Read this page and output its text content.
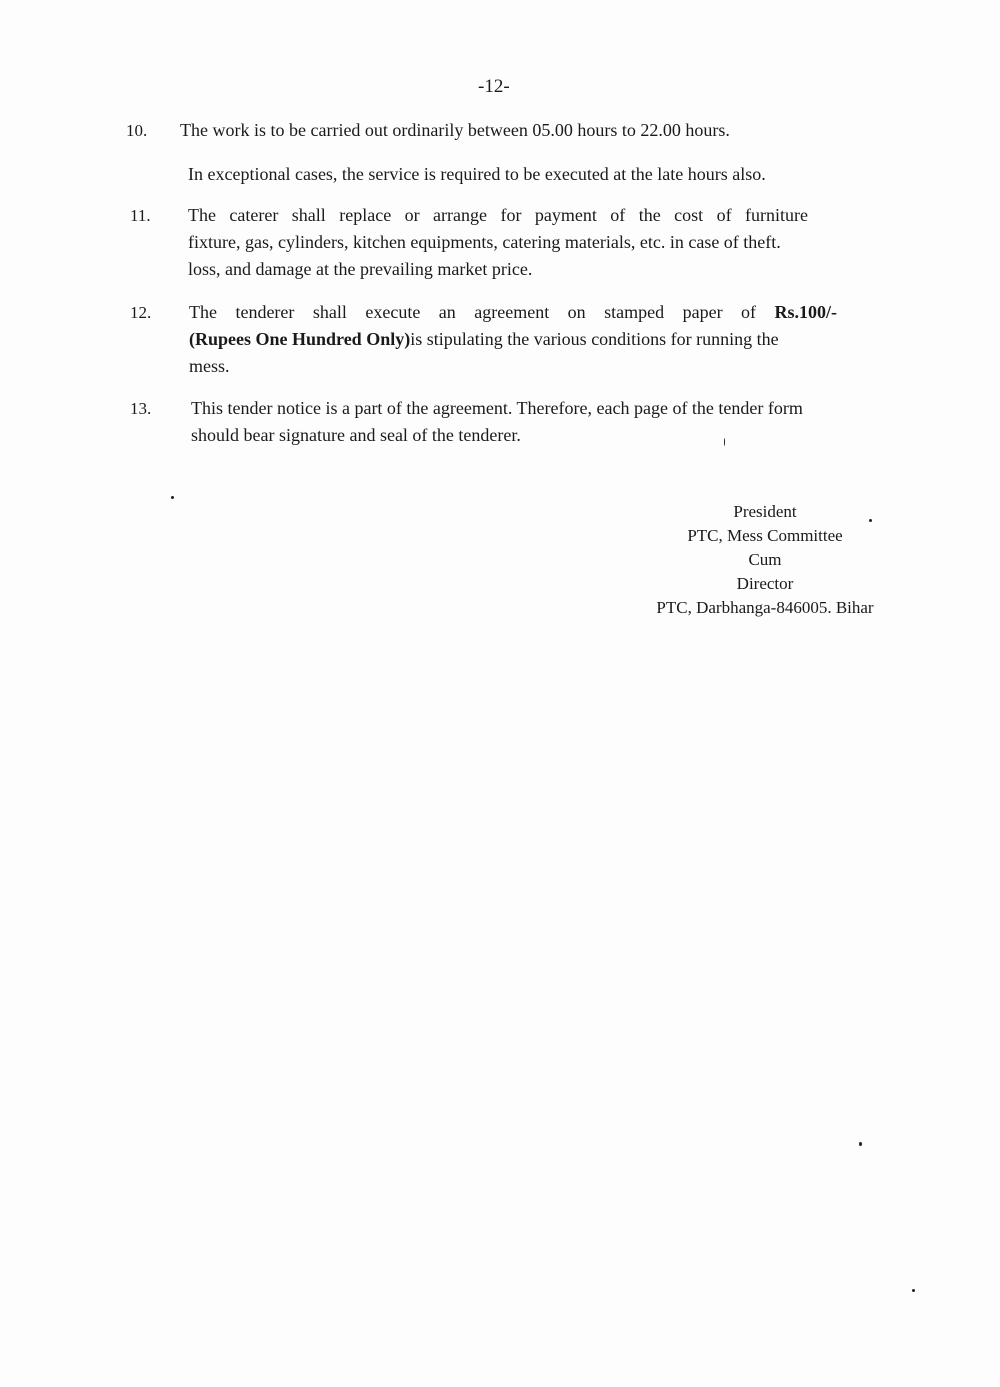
-12-
10. The work is to be carried out ordinarily between 05.00 hours to 22.00 hours.

In exceptional cases, the service is required to be executed at the late hours also.

11. The caterer shall replace or arrange for payment of the cost of furniture

fixture, gas, cylinders, kitchen equipments, catering materials, etc. in case of theft.

loss, and damage at the prevailing market price.

12. The tenderer shall execute an agreement on stamped paper of Rs.100/-

(Rupees One Hundred Only)is stipulating the various conditions for running the

mess.

13. This tender notice is a part of the agreement. Therefore, each page of the tender form

should bear signature and seal of the tenderer.

President
PTC, Mess Committee
Cum
Director
PTC, Darbhanga-846005. Bihar
